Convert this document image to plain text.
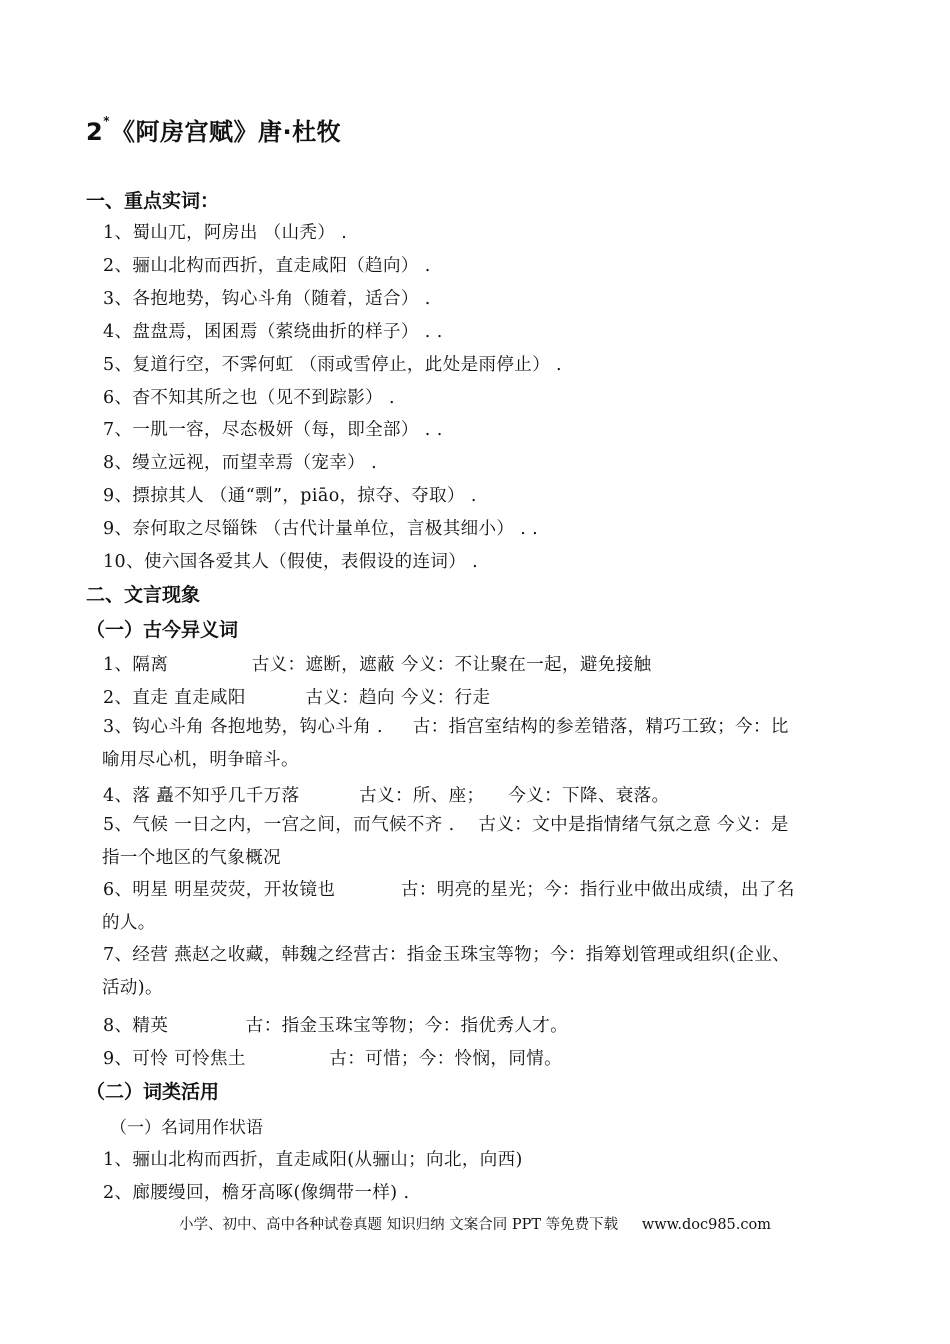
2*《阿房宫赋》唐·杜牧
一、重点实词：
1、蜀山兀，阿房出 （山秃） .
2、骊山北构而西折，直走咸阳（趋向） .
3、各抱地势，钩心斗角（随着，适合） .
4、盘盘焉，囷囷焉（萦绕曲折的样子） . .
5、复道行空，不霁何虹 （雨或雪停止，此处是雨停止） .
6、杳不知其所之也（见不到踪影） .
7、一肌一容，尽态极妍（每，即全部） . .
8、缦立远视，而望幸焉（宠幸） .
9、摽掠其人 （通“剽”，piāo，掠夺、夺取） .
9、奈何取之尽锱铢 （古代计量单位，言极其细小） . .
10、使六国各爱其人（假使，表假设的连词） .
二、文言现象
（一）古今异义词
1、隔离 　　　　 古义：遮断，遮蔽 今义：不让聚在一起，避免接触
2、直走 直走咸阳 　　　古义：趋向 今义：行走
3、钩心斗角 各抱地势，钩心斗角 . 　 古：指宫室结构的参差错落，精巧工致；今：比
喻用尽心机，明争暗斗。
4、落 矗不知乎几千万落 　　　古义：所、座； 　今义：下降、衰落。
5、气候 一日之内，一宫之间，而气候不齐 . 　古义：文中是指情绪气氛之意 今义：是
指一个地区的气象概况
6、明星 明星荧荧，开妆镜也 　　　 古：明亮的星光；今：指行业中做出成绩，出了名
的人。
7、经营 燕赵之收藏，韩魏之经营古：指金玉珠宝等物；今：指筹划管理或组织(企业、
活动)。
8、精英 　　　　古：指金玉珠宝等物；今：指优秀人才。
9、可怜 可怜焦土 　　　　 古：可惜；今：怜悯，同情。
（二）词类活用
（一）名词用作状语
1、骊山北构而西折，直走咸阳(从骊山；向北，向西)
2、廊腰缦回，檐牙高啄(像绸带一样) .
小学、初中、高中各种试卷真题 知识归纳 文案合同 PPT 等免费下载 　 www.doc985.com
